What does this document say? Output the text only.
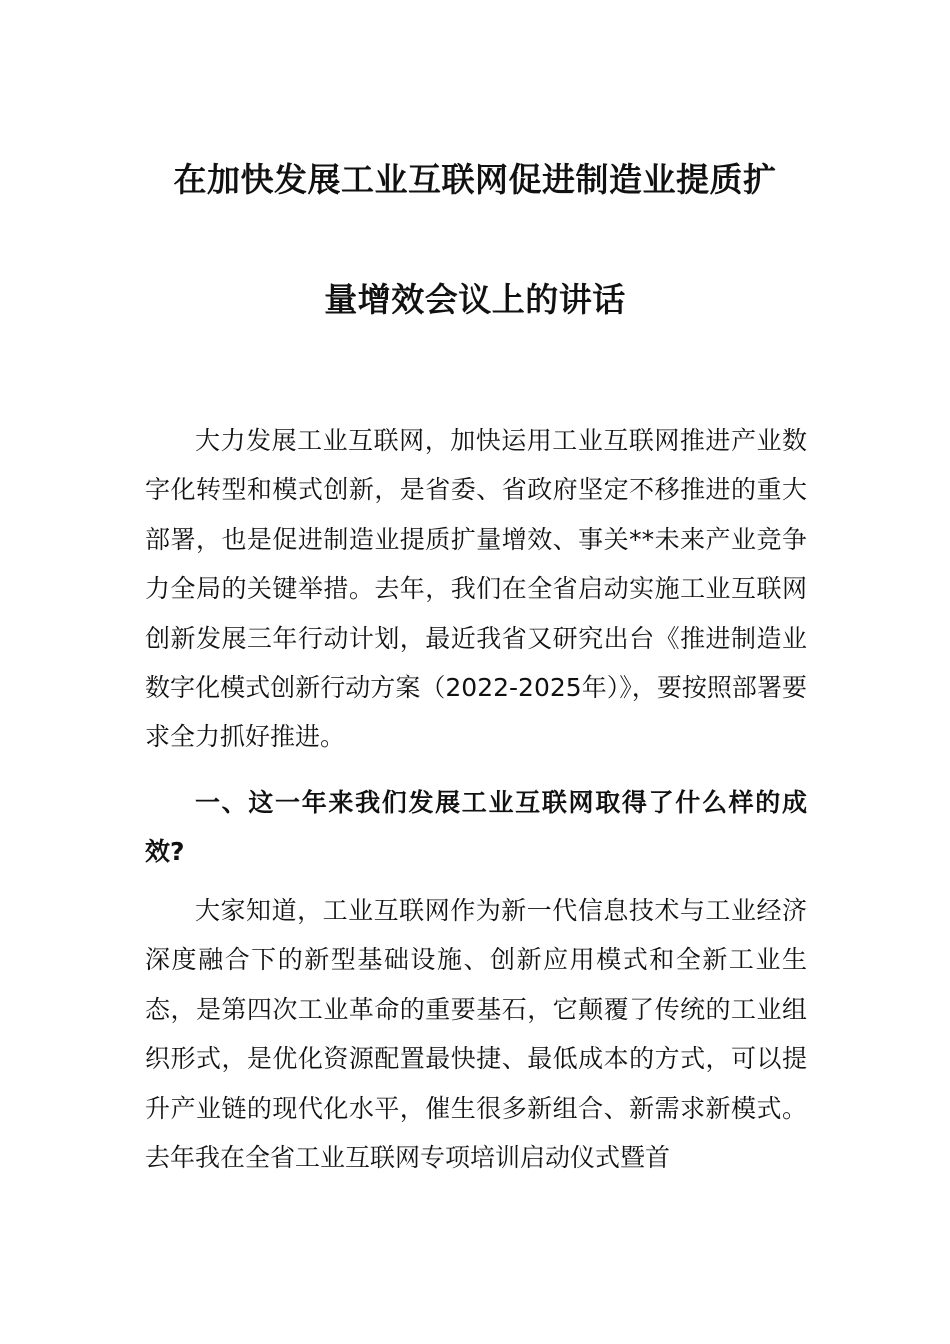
在加快发展工业互联网促进制造业提质扩
量增效会议上的讲话

大力发展工业互联网，加快运用工业互联网推进产业数字化转型和模式创新，是省委、省政府坚定不移推进的重大部署，也是促进制造业提质扩量增效、事关**未来产业竞争力全局的关键举措。去年，我们在全省启动实施工业互联网创新发展三年行动计划，最近我省又研究出台《推进制造业数字化模式创新行动方案（2022-2025年）》，要按照部署要求全力抓好推进。

一、这一年来我们发展工业互联网取得了什么样的成效?

大家知道，工业互联网作为新一代信息技术与工业经济深度融合下的新型基础设施、创新应用模式和全新工业生态，是第四次工业革命的重要基石，它颠覆了传统的工业组织形式，是优化资源配置最快捷、最低成本的方式，可以提升产业链的现代化水平，催生很多新组合、新需求新模式。去年我在全省工业互联网专项培训启动仪式暨首
